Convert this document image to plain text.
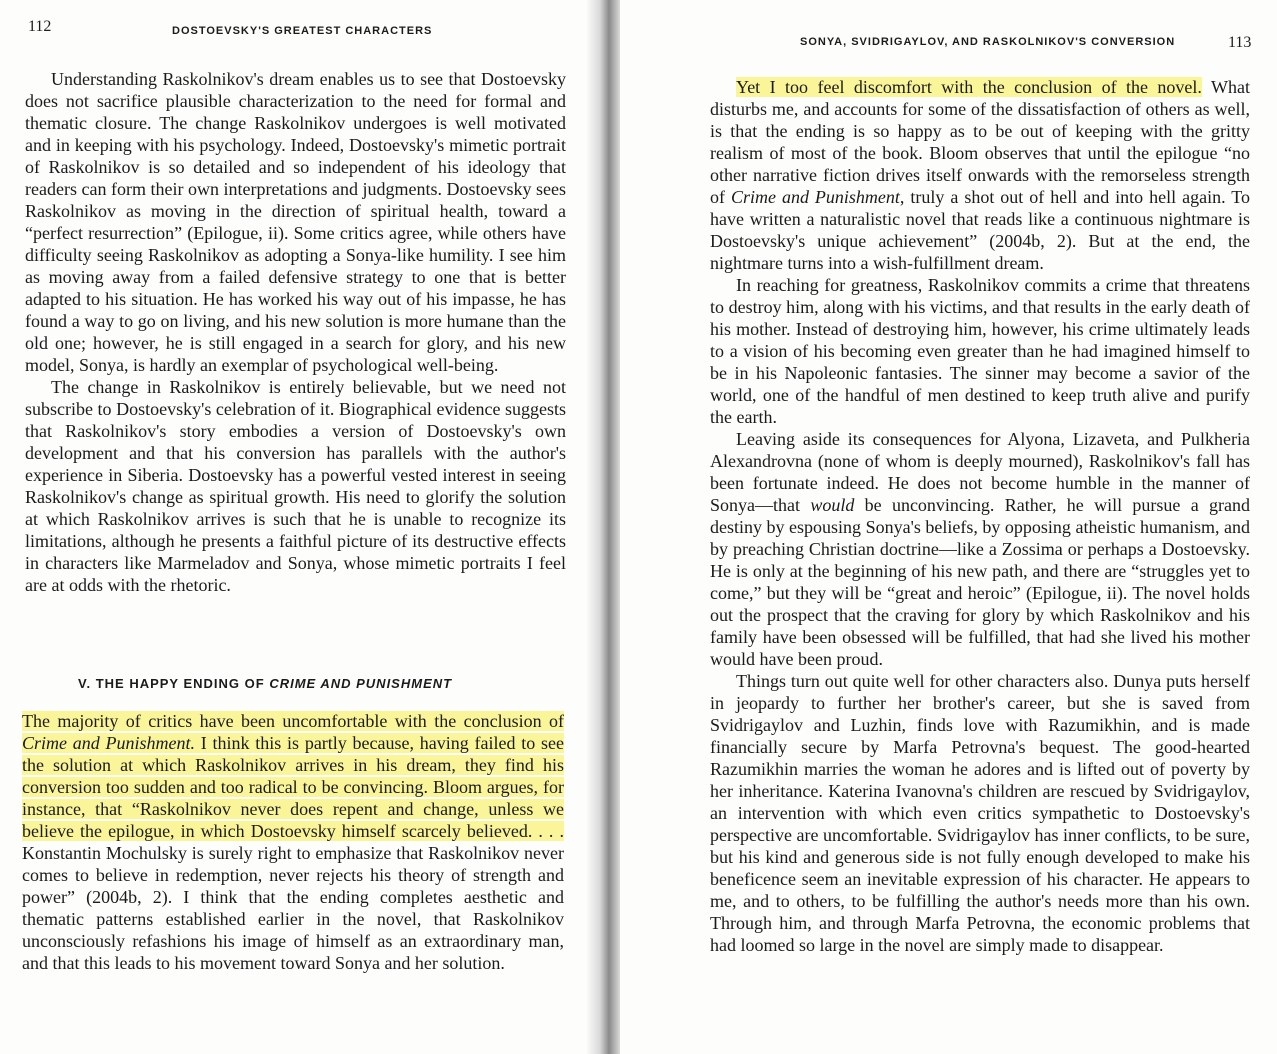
112	DOSTOEVSKY'S GREATEST CHARACTERS

Understanding Raskolnikov's dream enables us to see that Dostoevsky does not sacrifice plausible characterization to the need for formal and thematic closure. The change Raskolnikov undergoes is well motivated and in keeping with his psychology. Indeed, Dostoevsky's mimetic portrait of Raskolnikov is so detailed and so independent of his ideology that readers can form their own interpretations and judgments. Dostoevsky sees Raskolnikov as moving in the direction of spiritual health, toward a “perfect resurrection” (Epilogue, ii). Some critics agree, while others have difficulty seeing Raskolnikov as adopting a Sonya-like humility. I see him as moving away from a failed defensive strategy to one that is better adapted to his situation. He has worked his way out of his impasse, he has found a way to go on living, and his new solution is more humane than the old one; however, he is still engaged in a search for glory, and his new model, Sonya, is hardly an exemplar of psychological well-being.

The change in Raskolnikov is entirely believable, but we need not subscribe to Dostoevsky's celebration of it. Biographical evidence suggests that Raskolnikov's story embodies a version of Dostoevsky's own development and that his conversion has parallels with the author's experience in Siberia. Dostoevsky has a powerful vested interest in seeing Raskolnikov's change as spiritual growth. His need to glorify the solution at which Raskolnikov arrives is such that he is unable to recognize its limitations, although he presents a faithful picture of its destructive effects in characters like Marmeladov and Sonya, whose mimetic portraits I feel are at odds with the rhetoric.

V. THE HAPPY ENDING OF CRIME AND PUNISHMENT

The majority of critics have been uncomfortable with the conclusion of Crime and Punishment. I think this is partly because, having failed to see the solution at which Raskolnikov arrives in his dream, they find his conversion too sudden and too radical to be convincing. Bloom argues, for instance, that “Raskolnikov never does repent and change, unless we believe the epilogue, in which Dostoevsky himself scarcely believed. . . . Konstantin Mochulsky is surely right to emphasize that Raskolnikov never comes to believe in redemption, never rejects his theory of strength and power” (2004b, 2). I think that the ending completes aesthetic and thematic patterns established earlier in the novel, that Raskolnikov unconsciously refashions his image of himself as an extraordinary man, and that this leads to his movement toward Sonya and her solution.

SONYA, SVIDRIGAYLOV, AND RASKOLNIKOV'S CONVERSION	113

Yet I too feel discomfort with the conclusion of the novel. What disturbs me, and accounts for some of the dissatisfaction of others as well, is that the ending is so happy as to be out of keeping with the gritty realism of most of the book. Bloom observes that until the epilogue “no other narrative fiction drives itself onwards with the remorseless strength of Crime and Punishment, truly a shot out of hell and into hell again. To have written a naturalistic novel that reads like a continuous nightmare is Dostoevsky's unique achievement” (2004b, 2). But at the end, the nightmare turns into a wish-fulfillment dream.

In reaching for greatness, Raskolnikov commits a crime that threatens to destroy him, along with his victims, and that results in the early death of his mother. Instead of destroying him, however, his crime ultimately leads to a vision of his becoming even greater than he had imagined himself to be in his Napoleonic fantasies. The sinner may become a savior of the world, one of the handful of men destined to keep truth alive and purify the earth.

Leaving aside its consequences for Alyona, Lizaveta, and Pulkheria Alexandrovna (none of whom is deeply mourned), Raskolnikov's fall has been fortunate indeed. He does not become humble in the manner of Sonya—that would be unconvincing. Rather, he will pursue a grand destiny by espousing Sonya's beliefs, by opposing atheistic humanism, and by preaching Christian doctrine—like a Zossima or perhaps a Dostoevsky. He is only at the beginning of his new path, and there are “struggles yet to come,” but they will be “great and heroic” (Epilogue, ii). The novel holds out the prospect that the craving for glory by which Raskolnikov and his family have been obsessed will be fulfilled, that had she lived his mother would have been proud.

Things turn out quite well for other characters also. Dunya puts herself in jeopardy to further her brother's career, but she is saved from Svidrigaylov and Luzhin, finds love with Razumikhin, and is made financially secure by Marfa Petrovna's bequest. The good-hearted Razumikhin marries the woman he adores and is lifted out of poverty by her inheritance. Katerina Ivanovna's children are rescued by Svidrigaylov, an intervention with which even critics sympathetic to Dostoevsky's perspective are uncomfortable. Svidrigaylov has inner conflicts, to be sure, but his kind and generous side is not fully enough developed to make his beneficence seem an inevitable expression of his character. He appears to me, and to others, to be fulfilling the author's needs more than his own. Through him, and through Marfa Petrovna, the economic problems that had loomed so large in the novel are simply made to disappear.
